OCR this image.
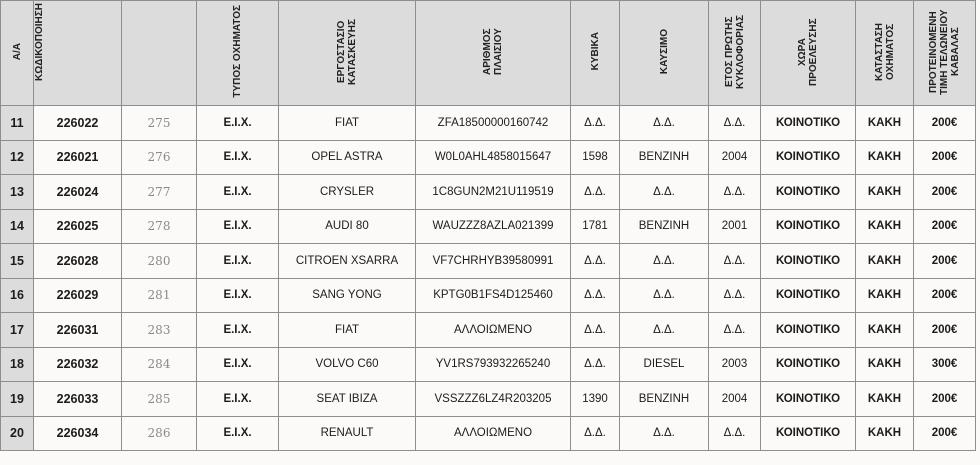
Α/Α	ΚΩΔΙΚΟΠΟΙΗΣΗ		ΤΥΠΟΣ ΟΧΗΜΑΤΟΣ	ΕΡΓΟΣΤΑΣΙΟ ΚΑΤΑΣΚΕΥΗΣ	ΑΡΙΘΜΟΣ ΠΛΑΙΣΙΟΥ	ΚΥΒΙΚΑ	ΚΑΥΣΙΜΟ	ΕΤΟΣ ΠΡΩΤΗΣ ΚΥΚΛΟΦΟΡΙΑΣ	ΧΩΡΑ ΠΡΟΕΛΕΥΣΗΣ	ΚΑΤΑΣΤΑΣΗ ΟΧΗΜΑΤΟΣ	ΠΡΟΤΕΙΝΟΜΕΝΗ ΤΙΜΗ ΤΕΛΩΝΕΙΟΥ ΚΑΒΑΛΑΣ
11	226022	275	Ε.Ι.Χ.	FIAT	ZFA18500000160742	Δ.Δ.	Δ.Δ.	Δ.Δ.	ΚΟΙΝΟΤΙΚΟ	ΚΑΚΗ	200€
12	226021	276	Ε.Ι.Χ.	OPEL ASTRA	W0L0AHL4858015647	1598	ΒΕΝΖΙΝΗ	2004	ΚΟΙΝΟΤΙΚΟ	ΚΑΚΗ	200€
13	226024	277	Ε.Ι.Χ.	CRYSLER	1C8GUN2M21U119519	Δ.Δ.	Δ.Δ.	Δ.Δ.	ΚΟΙΝΟΤΙΚΟ	ΚΑΚΗ	200€
14	226025	278	Ε.Ι.Χ.	AUDI 80	WAUZZZ8AZLA021399	1781	ΒΕΝΖΙΝΗ	2001	ΚΟΙΝΟΤΙΚΟ	ΚΑΚΗ	200€
15	226028	280	Ε.Ι.Χ.	CITROEN XSARRA	VF7CHRHYB39580991	Δ.Δ.	Δ.Δ.	Δ.Δ.	ΚΟΙΝΟΤΙΚΟ	ΚΑΚΗ	200€
16	226029	281	Ε.Ι.Χ.	SANG YONG	KPTG0B1FS4D125460	Δ.Δ.	Δ.Δ.	Δ.Δ.	ΚΟΙΝΟΤΙΚΟ	ΚΑΚΗ	200€
17	226031	283	Ε.Ι.Χ.	FIAT	ΑΛΛΟΙΩΜΕΝΟ	Δ.Δ.	Δ.Δ.	Δ.Δ.	ΚΟΙΝΟΤΙΚΟ	ΚΑΚΗ	200€
18	226032	284	Ε.Ι.Χ.	VOLVO C60	YV1RS793932265240	Δ.Δ.	DIESEL	2003	ΚΟΙΝΟΤΙΚΟ	ΚΑΚΗ	300€
19	226033	285	Ε.Ι.Χ.	SEAT IBIZA	VSSZZZ6LZ4R203205	1390	ΒΕΝΖΙΝΗ	2004	ΚΟΙΝΟΤΙΚΟ	ΚΑΚΗ	200€
20	226034	286	Ε.Ι.Χ.	RENAULT	ΑΛΛΟΙΩΜΕΝΟ	Δ.Δ.	Δ.Δ.	Δ.Δ.	ΚΟΙΝΟΤΙΚΟ	ΚΑΚΗ	200€
